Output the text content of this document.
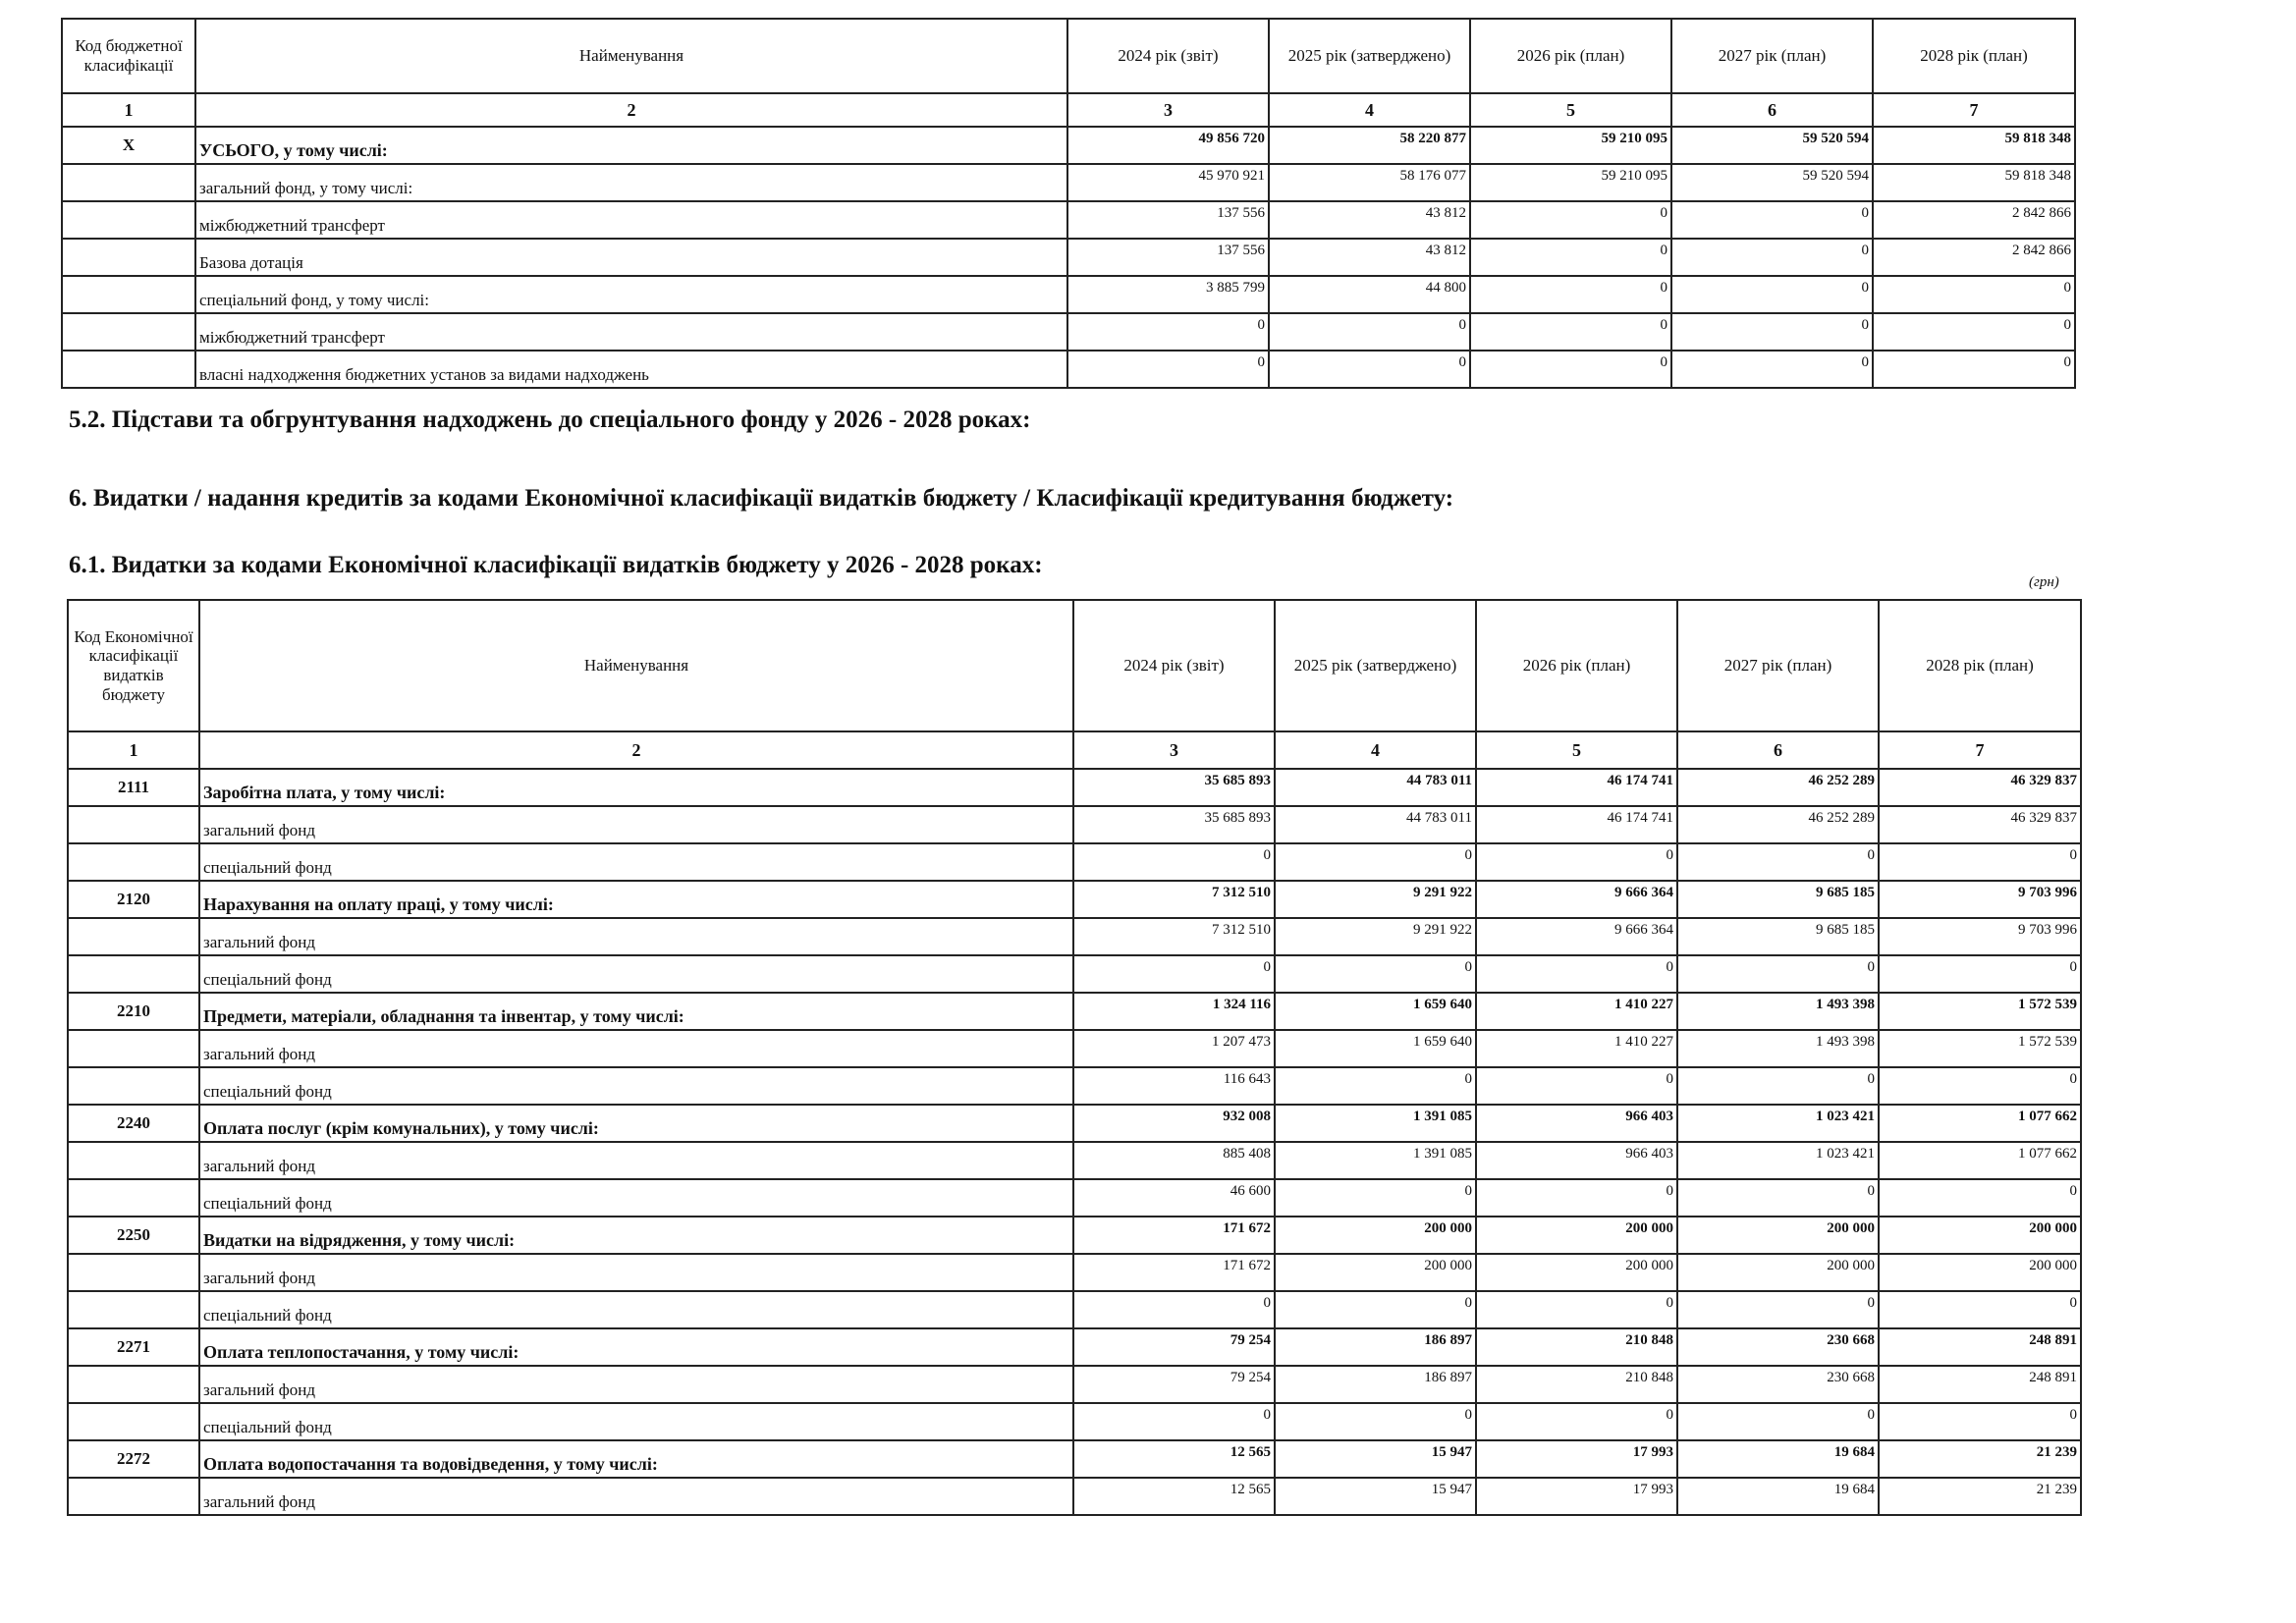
Код бюджетної класифікації	Найменування	2024 рік (звіт)	2025 рік (затверджено)	2026 рік (план)	2027 рік (план)	2028 рік (план)
1	2	3	4	5	6	7
Х	УСЬОГО, у тому числі:	49 856 720	58 220 877	59 210 095	59 520 594	59 818 348
	загальний фонд, у тому числі:	45 970 921	58 176 077	59 210 095	59 520 594	59 818 348
	міжбюджетний трансферт	137 556	43 812	0	0	2 842 866
	Базова дотація	137 556	43 812	0	0	2 842 866
	спеціальний фонд, у тому числі:	3 885 799	44 800	0	0	0
	міжбюджетний трансферт	0	0	0	0	0
	власні надходження бюджетних установ за видами надходжень	0	0	0	0	0
5.2. Підстави та обгрунтування надходжень до спеціального фонду у 2026 - 2028 роках:
6. Видатки / надання кредитів за кодами Економічної класифікації видатків бюджету / Класифікації кредитування бюджету:
6.1. Видатки за кодами Економічної класифікації видатків бюджету у 2026 - 2028 роках:
(грн)
Код Економічної класифікації видатків бюджету	Найменування	2024 рік (звіт)	2025 рік (затверджено)	2026 рік (план)	2027 рік (план)	2028 рік (план)
1	2	3	4	5	6	7
2111	Заробітна плата, у тому числі:	35 685 893	44 783 011	46 174 741	46 252 289	46 329 837
	загальний фонд	35 685 893	44 783 011	46 174 741	46 252 289	46 329 837
	спеціальний фонд	0	0	0	0	0
2120	Нарахування на оплату праці, у тому числі:	7 312 510	9 291 922	9 666 364	9 685 185	9 703 996
	загальний фонд	7 312 510	9 291 922	9 666 364	9 685 185	9 703 996
	спеціальний фонд	0	0	0	0	0
2210	Предмети, матеріали, обладнання та інвентар, у тому числі:	1 324 116	1 659 640	1 410 227	1 493 398	1 572 539
	загальний фонд	1 207 473	1 659 640	1 410 227	1 493 398	1 572 539
	спеціальний фонд	116 643	0	0	0	0
2240	Оплата послуг (крім комунальних), у тому числі:	932 008	1 391 085	966 403	1 023 421	1 077 662
	загальний фонд	885 408	1 391 085	966 403	1 023 421	1 077 662
	спеціальний фонд	46 600	0	0	0	0
2250	Видатки на відрядження, у тому числі:	171 672	200 000	200 000	200 000	200 000
	загальний фонд	171 672	200 000	200 000	200 000	200 000
	спеціальний фонд	0	0	0	0	0
2271	Оплата теплопостачання, у тому числі:	79 254	186 897	210 848	230 668	248 891
	загальний фонд	79 254	186 897	210 848	230 668	248 891
	спеціальний фонд	0	0	0	0	0
2272	Оплата водопостачання та водовідведення, у тому числі:	12 565	15 947	17 993	19 684	21 239
	загальний фонд	12 565	15 947	17 993	19 684	21 239
